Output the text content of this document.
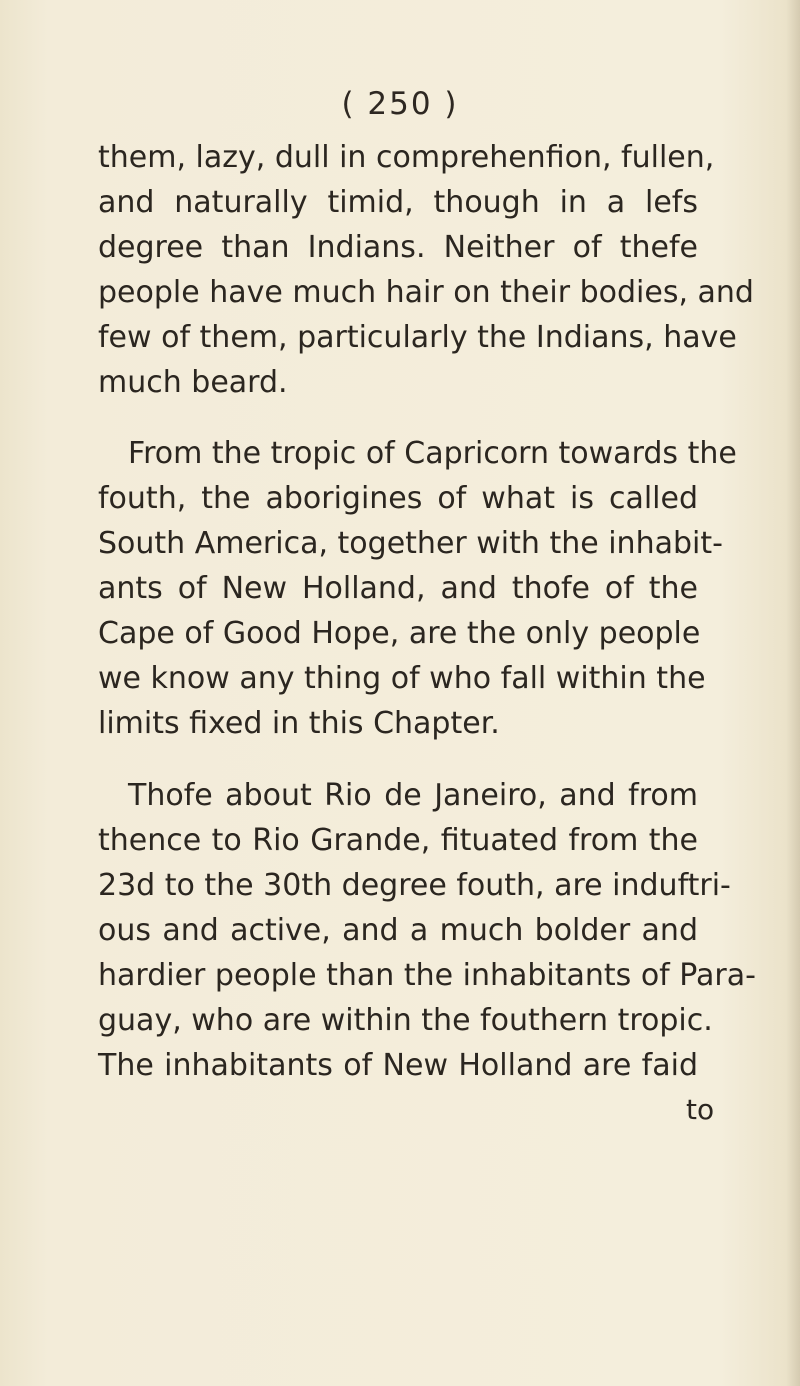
( 250 )
them, lazy, dull in comprehenfion, fullen,
and naturally timid, though in a lefs
degree than Indians. Neither of thefe
people have much hair on their bodies, and
few of them, particularly the Indians, have
much beard.
From the tropic of Capricorn towards the
fouth, the aborigines of what is called
South America, together with the inhabit-
ants of New Holland, and thofe of the
Cape of Good Hope, are the only people
we know any thing of who fall within the
limits fixed in this Chapter.
Thofe about Rio de Janeiro, and from
thence to Rio Grande, fituated from the
23d to the 30th degree fouth, are induftri-
ous and active, and a much bolder and
hardier people than the inhabitants of Para-
guay, who are within the fouthern tropic.
The inhabitants of New Holland are faid
to
